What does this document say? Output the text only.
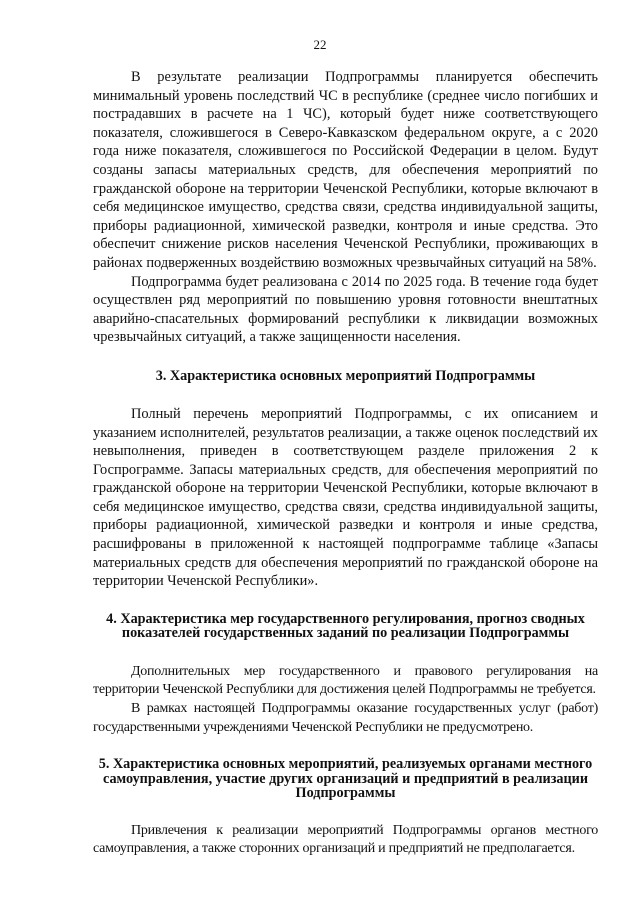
22

В результате реализации Подпрограммы планируется обеспечить минимальный уровень последствий ЧС в республике (среднее число погибших и пострадавших в расчете на 1 ЧС), который будет ниже соответствующего показателя, сложившегося в Северо-Кавказском федеральном округе, а с 2020 года ниже показателя, сложившегося по Российской Федерации в целом. Будут созданы запасы материальных средств, для обеспечения мероприятий по гражданской обороне на территории Чеченской Республики, которые включают в себя медицинское имущество, средства связи, средства индивидуальной защиты, приборы радиационной, химической разведки, контроля и иные средства. Это обеспечит снижение рисков населения Чеченской Республики, проживающих в районах подверженных воздействию возможных чрезвычайных ситуаций на 58%.

Подпрограмма будет реализована с 2014 по 2025 года. В течение года будет осуществлен ряд мероприятий по повышению уровня готовности внештатных аварийно-спасательных формирований республики к ликвидации возможных чрезвычайных ситуаций, а также защищенности населения.

3. Характеристика основных мероприятий Подпрограммы

Полный перечень мероприятий Подпрограммы, с их описанием и указанием исполнителей, результатов реализации, а также оценок последствий их невыполнения, приведен в соответствующем разделе приложения 2 к Госпрограмме. Запасы материальных средств, для обеспечения мероприятий по гражданской обороне на территории Чеченской Республики, которые включают в себя медицинское имущество, средства связи, средства индивидуальной защиты, приборы радиационной, химической разведки и контроля и иные средства, расшифрованы в приложенной к настоящей подпрограмме таблице «Запасы материальных средств для обеспечения мероприятий по гражданской обороне на территории Чеченской Республики».

4. Характеристика мер государственного регулирования, прогноз сводных показателей государственных заданий по реализации Подпрограммы

Дополнительных мер государственного и правового регулирования на территории Чеченской Республики для достижения целей Подпрограммы не требуется.

В рамках настоящей Подпрограммы оказание государственных услуг (работ) государственными учреждениями Чеченской Республики не предусмотрено.

5. Характеристика основных мероприятий, реализуемых органами местного самоуправления, участие других организаций и предприятий в реализации Подпрограммы

Привлечения к реализации мероприятий Подпрограммы органов местного самоуправления, а также сторонних организаций и предприятий не предполагается.
